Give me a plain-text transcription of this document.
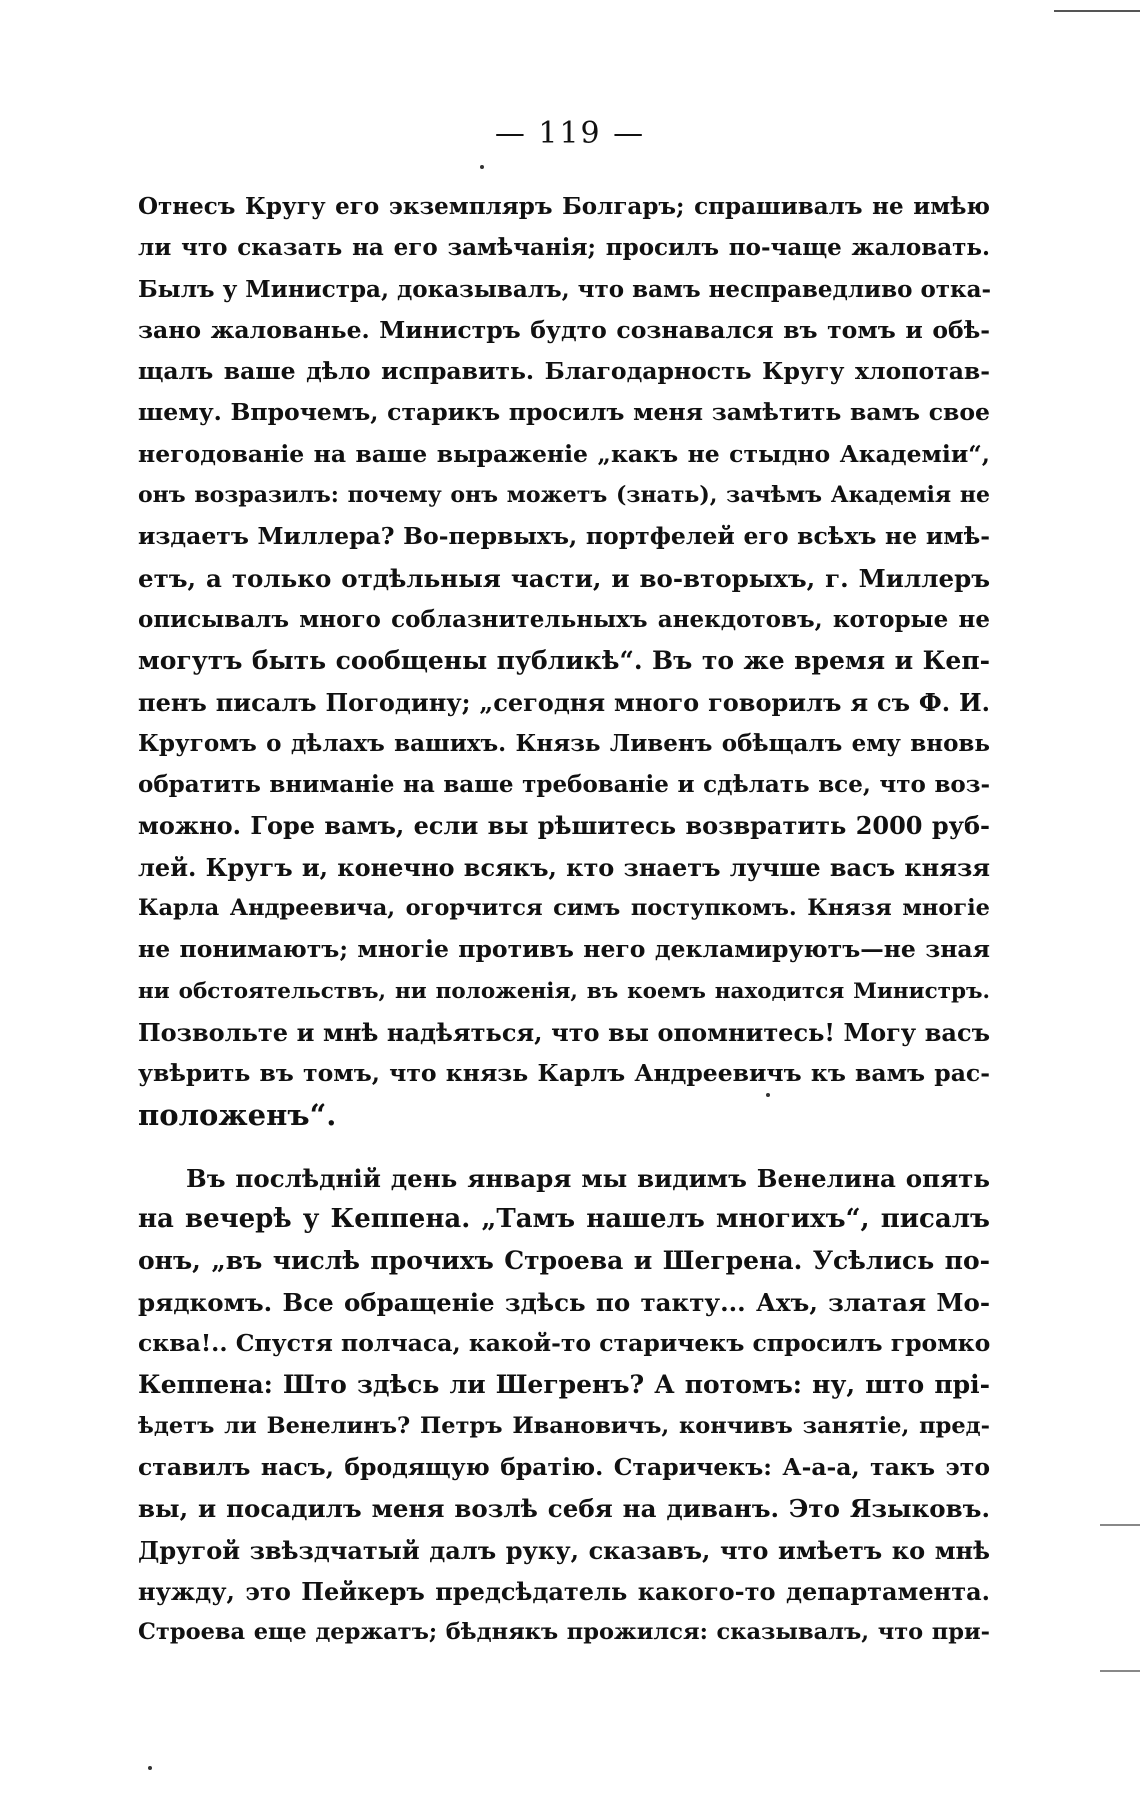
— 119 —

Отнесъ Кругу его экземпляръ Болгаръ; спрашивалъ не имѣю
ли что сказать на его замѣчанія; просилъ по-чаще жаловать.
Былъ у Министра, доказывалъ, что вамъ несправедливо отка-
зано жалованье. Министръ будто сознавался въ томъ и обѣ-
щалъ ваше дѣло исправить. Благодарность Кругу хлопотав-
шему. Впрочемъ, старикъ просилъ меня замѣтить вамъ свое
негодованіе на ваше выраженіе „какъ не стыдно Академіи“,
онъ возразилъ: почему онъ можетъ (знать), зачѣмъ Академія не
издаетъ Миллера? Во-первыхъ, портфелей его всѣхъ не имѣ-
етъ, а только отдѣльныя части, и во-вторыхъ, г. Миллеръ
описывалъ много соблазнительныхъ анекдотовъ, которые не
могутъ быть сообщены публикѣ“. Въ то же время и Кеп-
пенъ писалъ Погодину; „сегодня много говорилъ я съ Ф. И.
Кругомъ о дѣлахъ вашихъ. Князь Ливенъ обѣщалъ ему вновь
обратить вниманіе на ваше требованіе и сдѣлать все, что воз-
можно. Горе вамъ, если вы рѣшитесь возвратить 2000 руб-
лей. Кругъ и, конечно всякъ, кто знаетъ лучше васъ князя
Карла Андреевича, огорчится симъ поступкомъ. Князя многіе
не понимаютъ; многіе противъ него декламируютъ—не зная
ни обстоятельствъ, ни положенія, въ коемъ находится Министръ.
Позвольте и мнѣ надѣяться, что вы опомнитесь! Могу васъ
увѣрить въ томъ, что князь Карлъ Андреевичъ къ вамъ рас-
положенъ“.
Въ послѣдній день января мы видимъ Венелина опять
на вечерѣ у Кеппена. „Тамъ нашелъ многихъ“, писалъ
онъ, „въ числѣ прочихъ Строева и Шегрена. Усѣлись по-
рядкомъ. Все обращеніе здѣсь по такту... Ахъ, златая Мо-
сква!.. Спустя полчаса, какой-то старичекъ спросилъ громко
Кеппена: Што здѣсь ли Шегренъ? А потомъ: ну, што прі-
ѣдетъ ли Венелинъ? Петръ Ивановичъ, кончивъ занятіе, пред-
ставилъ насъ, бродящую братію. Старичекъ: А-а-а, такъ это
вы, и посадилъ меня возлѣ себя на диванъ. Это Языковъ.
Другой звѣздчатый далъ руку, сказавъ, что имѣетъ ко мнѣ
нужду, это Пейкеръ предсѣдатель какого-то департамента.
Строева еще держатъ; бѣднякъ прожился: сказывалъ, что при-
